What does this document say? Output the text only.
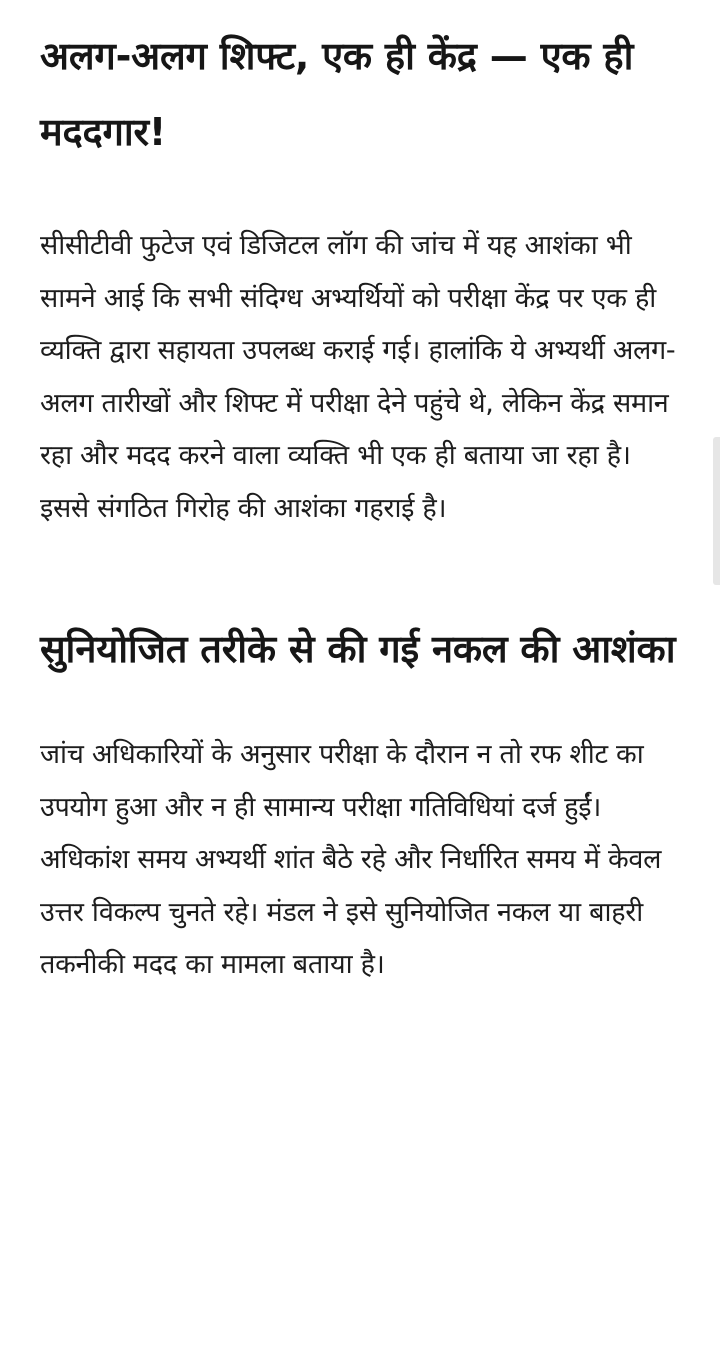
अलग-अलग शिफ्ट, एक ही केंद्र — एक ही मददगार!

सीसीटीवी फुटेज एवं डिजिटल लॉग की जांच में यह आशंका भी सामने आई कि सभी संदिग्ध अभ्यर्थियों को परीक्षा केंद्र पर एक ही व्यक्ति द्वारा सहायता उपलब्ध कराई गई। हालांकि ये अभ्यर्थी अलग-अलग तारीखों और शिफ्ट में परीक्षा देने पहुंचे थे, लेकिन केंद्र समान रहा और मदद करने वाला व्यक्ति भी एक ही बताया जा रहा है। इससे संगठित गिरोह की आशंका गहराई है।

सुनियोजित तरीके से की गई नकल की आशंका

जांच अधिकारियों के अनुसार परीक्षा के दौरान न तो रफ शीट का उपयोग हुआ और न ही सामान्य परीक्षा गतिविधियां दर्ज हुईं। अधिकांश समय अभ्यर्थी शांत बैठे रहे और निर्धारित समय में केवल उत्तर विकल्प चुनते रहे। मंडल ने इसे सुनियोजित नकल या बाहरी तकनीकी मदद का मामला बताया है।
